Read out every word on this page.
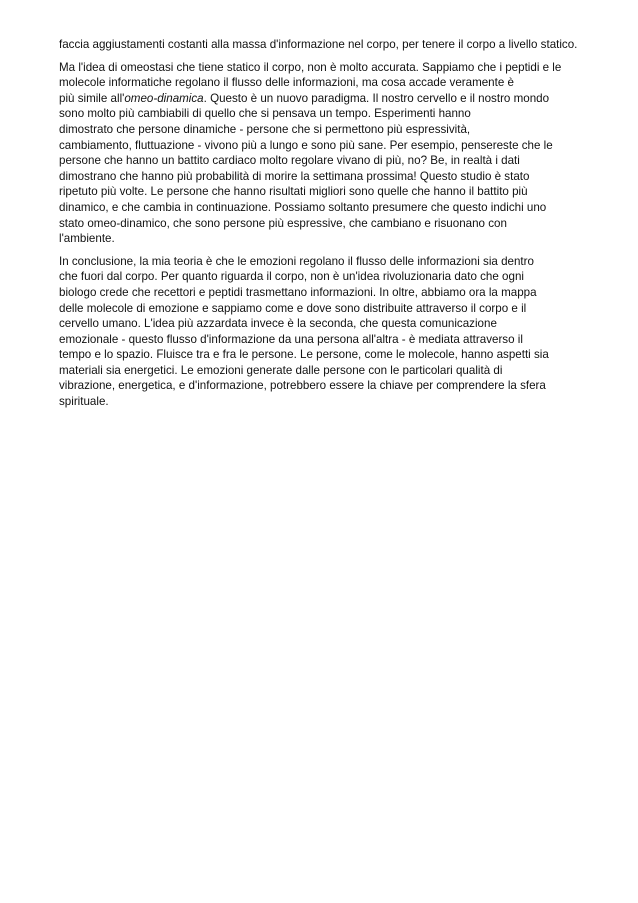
faccia aggiustamenti costanti alla massa d'informazione nel corpo, per tenere il corpo a livello statico.

Ma l'idea di omeostasi che tiene statico il corpo, non è molto accurata. Sappiamo che i peptidi e le
molecole informatiche regolano il flusso delle informazioni, ma cosa accade veramente è
più simile all'omeo-dinamica. Questo è un nuovo paradigma. Il nostro cervello e il nostro mondo
sono molto più cambiabili di quello che si pensava un tempo. Esperimenti hanno
dimostrato che persone dinamiche - persone che si permettono più espressività,
cambiamento, fluttuazione - vivono più a lungo e sono più sane. Per esempio, pensereste che le
persone che hanno un battito cardiaco molto regolare vivano di più, no? Be, in realtà i dati
dimostrano che hanno più probabilità di morire la settimana prossima! Questo studio è stato
ripetuto più volte. Le persone che hanno risultati migliori sono quelle che hanno il battito più
dinamico, e che cambia in continuazione. Possiamo soltanto presumere che questo indichi uno
stato omeo-dinamico, che sono persone più espressive, che cambiano e risuonano con
l'ambiente.

In conclusione, la mia teoria è che le emozioni regolano il flusso delle informazioni sia dentro
che fuori dal corpo. Per quanto riguarda il corpo, non è un'idea rivoluzionaria dato che ogni
biologo crede che recettori e peptidi trasmettano informazioni. In oltre, abbiamo ora la mappa
delle molecole di emozione e sappiamo come e dove sono distribuite attraverso il corpo e il
cervello umano. L'idea più azzardata invece è la seconda, che questa comunicazione
emozionale - questo flusso d'informazione da una persona all'altra - è mediata attraverso il
tempo e lo spazio. Fluisce tra e fra le persone. Le persone, come le molecole, hanno aspetti sia
materiali sia energetici. Le emozioni generate dalle persone con le particolari qualità di
vibrazione, energetica, e d'informazione, potrebbero essere la chiave per comprendere la sfera
spirituale.
